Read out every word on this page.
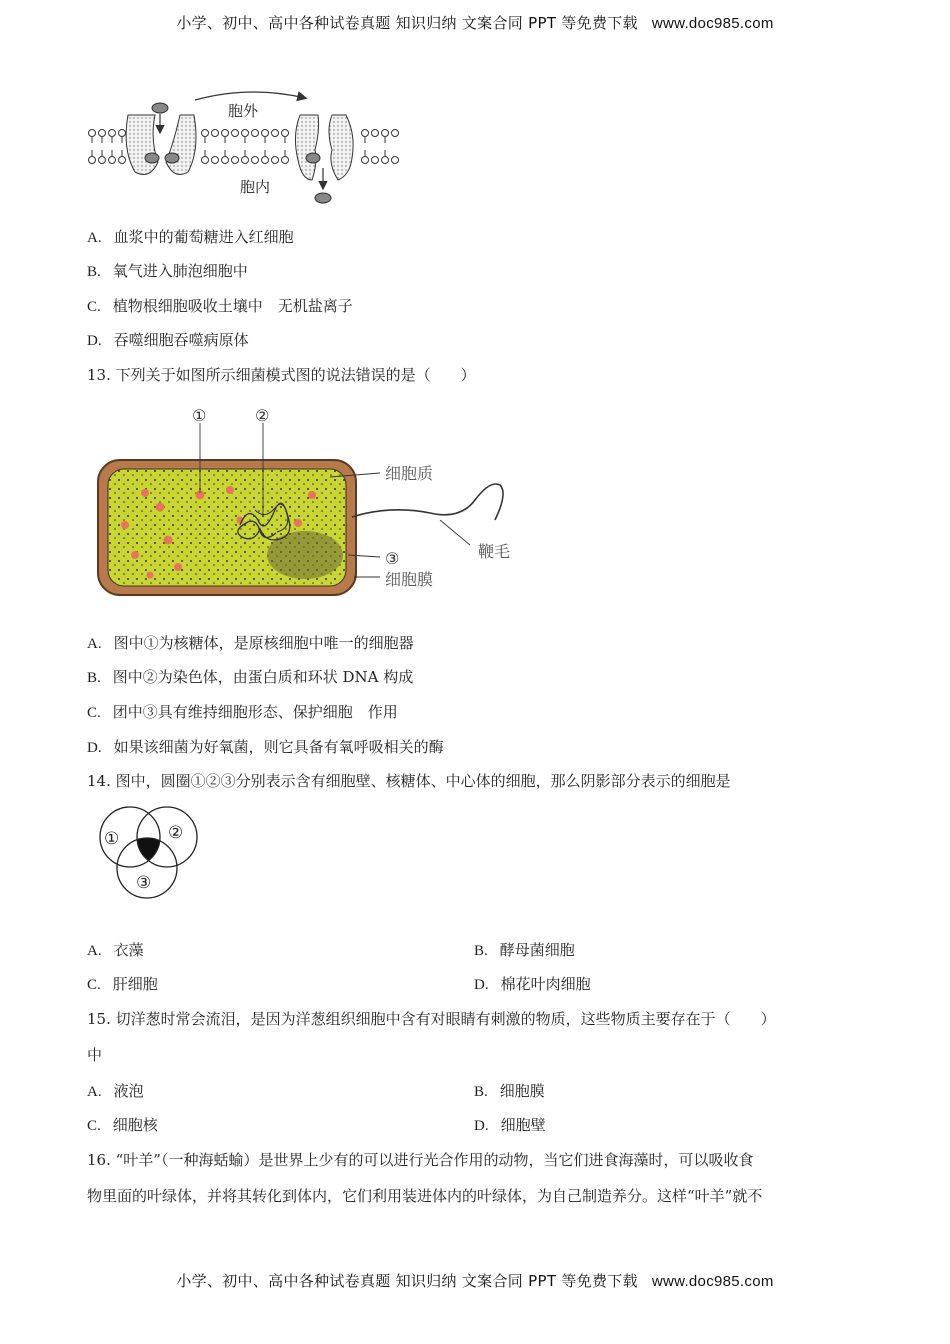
小学、初中、高中各种试卷真题 知识归纳 文案合同 PPT 等免费下载 www.doc985.com
胞外
胞内
A. 血浆中的葡萄糖进入红细胞
B. 氧气进入肺泡细胞中
C. 植物根细胞吸收土壤中　无机盐离子
D. 吞噬细胞吞噬病原体
13. 下列关于如图所示细菌模式图的说法错误的是（　　）
①	②
细胞质
鞭毛
③
细胞膜
A. 图中①为核糖体，是原核细胞中唯一的细胞器
B. 图中②为染色体，由蛋白质和环状 DNA 构成
C. 团中③具有维持细胞形态、保护细胞　作用
D. 如果该细菌为好氧菌，则它具备有氧呼吸相关的酶
14. 图中，圆圈①②③分别表示含有细胞壁、核糖体、中心体的细胞，那么阴影部分表示的细胞是
①	②
③
A. 衣藻	B. 酵母菌细胞
C. 肝细胞	D. 棉花叶肉细胞
15. 切洋葱时常会流泪，是因为洋葱组织细胞中含有对眼睛有刺激的物质，这些物质主要存在于（　　）
中
A. 液泡	B. 细胞膜
C. 细胞核	D. 细胞壁
16. “叶羊”（一种海蛞蝓）是世界上少有的可以进行光合作用的动物，当它们进食海藻时，可以吸收食
物里面的叶绿体，并将其转化到体内，它们利用装进体内的叶绿体，为自己制造养分。这样“叶羊”就不
小学、初中、高中各种试卷真题 知识归纳 文案合同 PPT 等免费下载 www.doc985.com
